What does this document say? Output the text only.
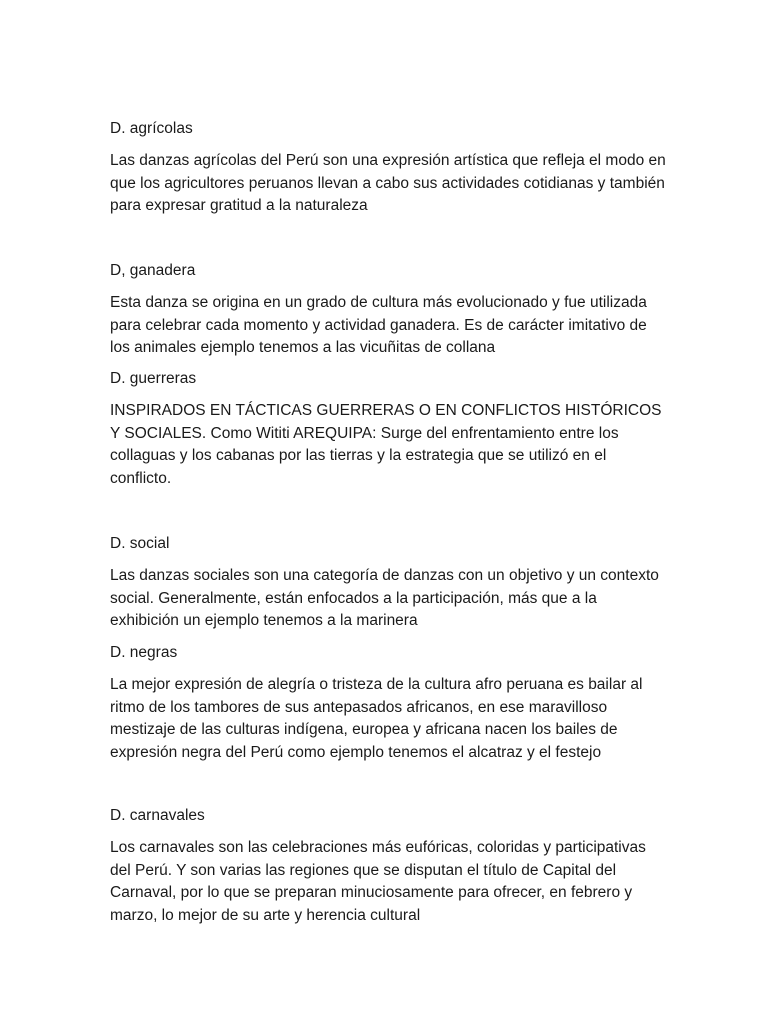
D. agrícolas

Las danzas agrícolas del Perú son una expresión artística que refleja el modo en que los agricultores peruanos llevan a cabo sus actividades cotidianas y también para expresar gratitud a la naturaleza

D, ganadera

Esta danza se origina en un grado de cultura más evolucionado y fue utilizada para celebrar cada momento y actividad ganadera. Es de carácter imitativo de los animales ejemplo tenemos a las vicuñitas de collana

D. guerreras

INSPIRADOS EN TÁCTICAS GUERRERAS O EN CONFLICTOS HISTÓRICOS Y SOCIALES. Como Wititi AREQUIPA: Surge del enfrentamiento entre los collaguas y los cabanas por las tierras y la estrategia que se utilizó en el conflicto.

D. social

Las danzas sociales son una categoría de danzas con un objetivo y un contexto social. Generalmente, están enfocados a la participación, más que a la exhibición un ejemplo tenemos a la marinera

D. negras

La mejor expresión de alegría o tristeza de la cultura afro peruana es bailar al ritmo de los tambores de sus antepasados africanos, en ese maravilloso mestizaje de las culturas indígena, europea y africana nacen los bailes de expresión negra del Perú como ejemplo tenemos el alcatraz y el festejo

D. carnavales

Los carnavales son las celebraciones más eufóricas, coloridas y participativas del Perú. Y son varias las regiones que se disputan el título de Capital del Carnaval, por lo que se preparan minuciosamente para ofrecer, en febrero y marzo, lo mejor de su arte y herencia cultural
